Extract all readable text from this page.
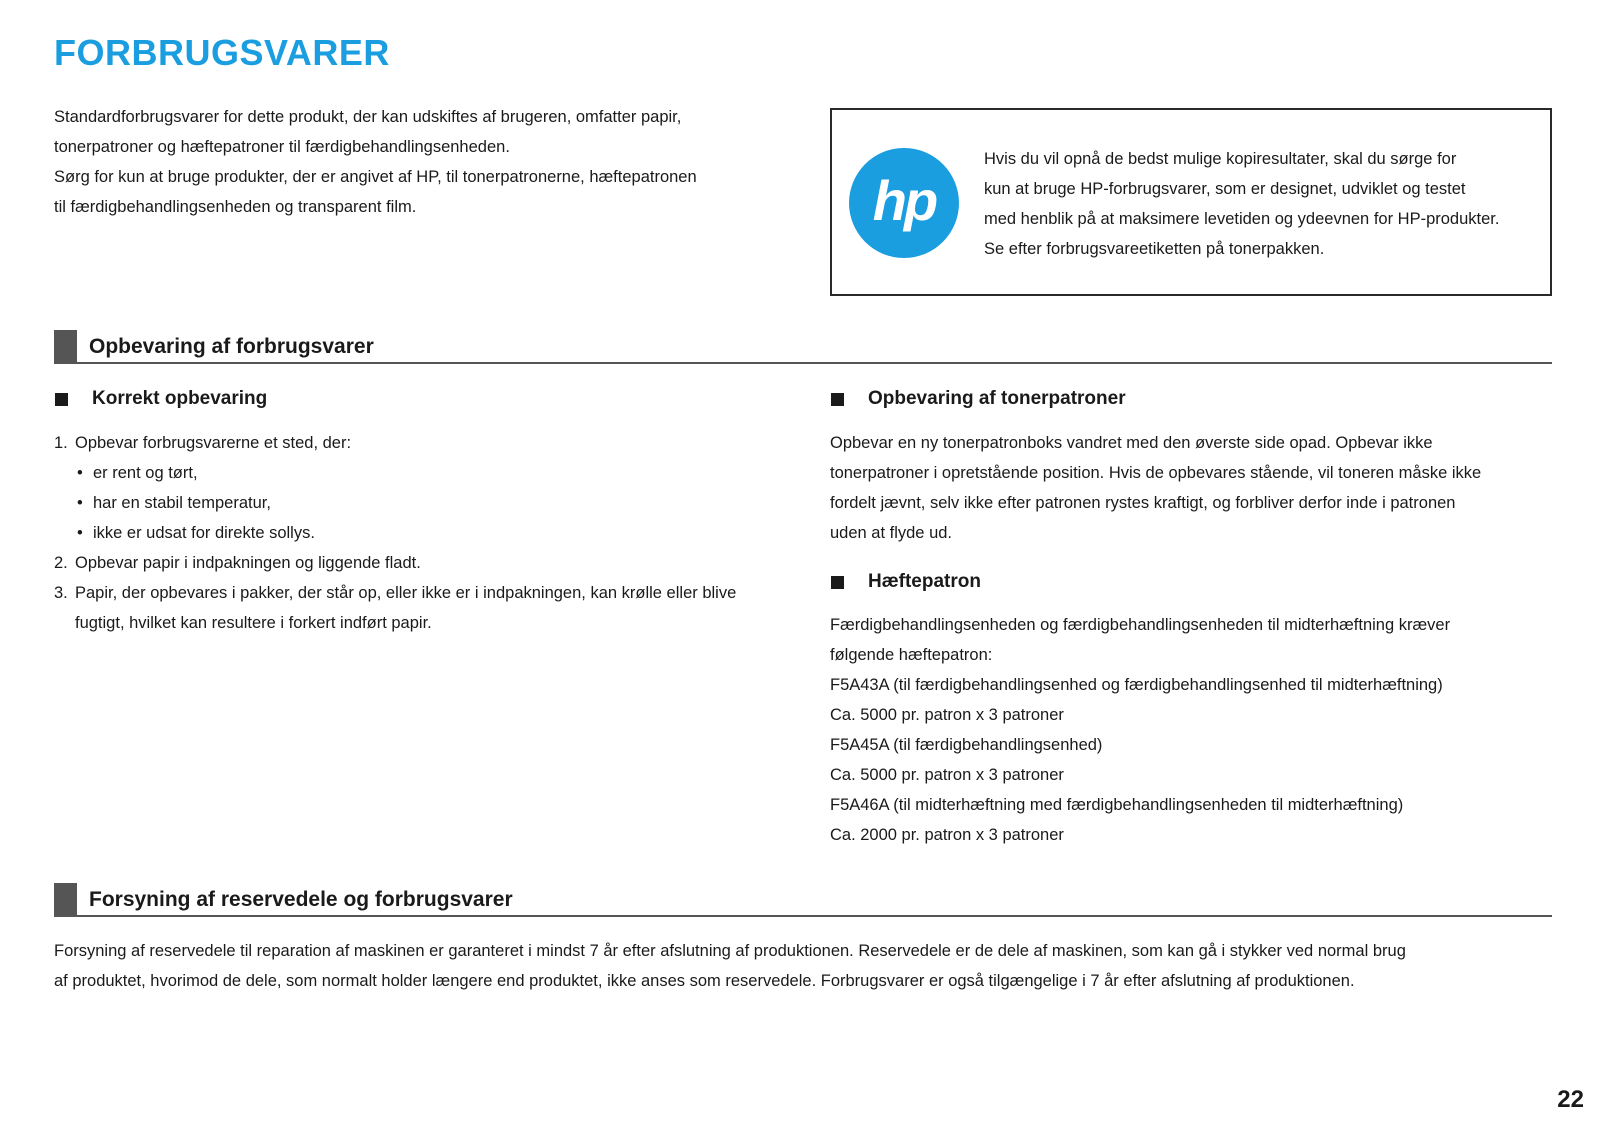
FORBRUGSVARER

Standardforbrugsvarer for dette produkt, der kan udskiftes af brugeren, omfatter papir,

tonerpatroner og hæftepatroner til færdigbehandlingsenheden.

Sørg for kun at bruge produkter, der er angivet af HP, til tonerpatronerne, hæftepatronen

til færdigbehandlingsenheden og transparent film.	hp

Hvis du vil opnå de bedst mulige kopiresultater, skal du sørge for

kun at bruge HP-forbrugsvarer, som er designet, udviklet og testet

med henblik på at maksimere levetiden og ydeevnen for HP-produkter.

Se efter forbrugsvareetiketten på tonerpakken.

Opbevaring af forbrugsvarer
Korrekt opbevaring
1. Opbevar forbrugsvarerne et sted, der:
• er rent og tørt,
• har en stabil temperatur,
• ikke er udsat for direkte sollys.
2. Opbevar papir i indpakningen og liggende fladt.
3. Papir, der opbevares i pakker, der står op, eller ikke er i indpakningen, kan krølle eller blive
fugtigt, hvilket kan resultere i forkert indført papir.
Opbevaring af tonerpatroner

Opbevar en ny tonerpatronboks vandret med den øverste side opad. Opbevar ikke

tonerpatroner i opretstående position. Hvis de opbevares stående, vil toneren måske ikke

fordelt jævnt, selv ikke efter patronen rystes kraftigt, og forbliver derfor inde i patronen

uden at flyde ud.

Hæftepatron

Færdigbehandlingsenheden og færdigbehandlingsenheden til midterhæftning kræver

følgende hæftepatron:

F5A43A (til færdigbehandlingsenhed og færdigbehandlingsenhed til midterhæftning)

Ca. 5000 pr. patron x 3 patroner

F5A45A (til færdigbehandlingsenhed)

Ca. 5000 pr. patron x 3 patroner

F5A46A (til midterhæftning med færdigbehandlingsenheden til midterhæftning)

Ca. 2000 pr. patron x 3 patroner

Forsyning af reservedele og forbrugsvarer

Forsyning af reservedele til reparation af maskinen er garanteret i mindst 7 år efter afslutning af produktionen. Reservedele er de dele af maskinen, som kan gå i stykker ved normal brug

af produktet, hvorimod de dele, som normalt holder længere end produktet, ikke anses som reservedele. Forbrugsvarer er også tilgængelige i 7 år efter afslutning af produktionen.

22
